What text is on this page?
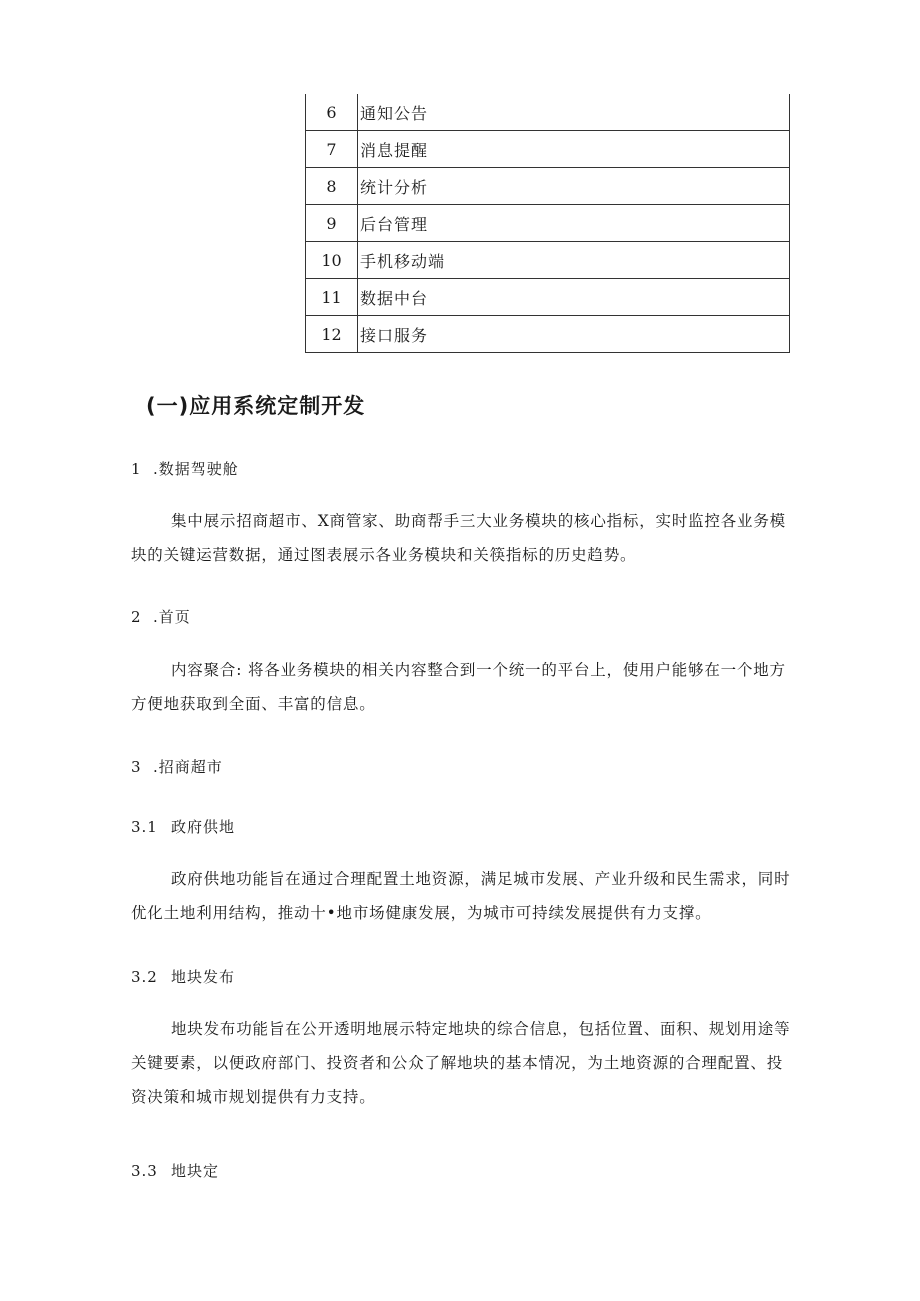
6	通知公告
7	消息提醒
8	统计分析
9	后台管理
10	手机移动端
11	数据中台
12	接口服务
(一)应用系统定制开发

1 .数据驾驶舱

集中展示招商超市、X商管家、助商帮手三大业务模块的核心指标，实时监控各业务模块的关键运营数据，通过图表展示各业务模块和关筷指标的历史趋势。

2 .首页

内容聚合: 将各业务模块的相关内容整合到一个统一的平台上，使用户能够在一个地方方便地获取到全面、丰富的信息。

3 .招商超市

3.1 政府供地

政府供地功能旨在通过合理配置土地资源，满足城市发展、产业升级和民生需求，同时优化土地利用结构，推动十•地市场健康发展，为城市可持续发展提供有力支撑。

3.2 地块发布

地块发布功能旨在公开透明地展示特定地块的综合信息，包括位置、面积、规划用途等关键要素，以便政府部门、投资者和公众了解地块的基本情况，为土地资源的合理配置、投资决策和城市规划提供有力支持。

3.3 地块定
